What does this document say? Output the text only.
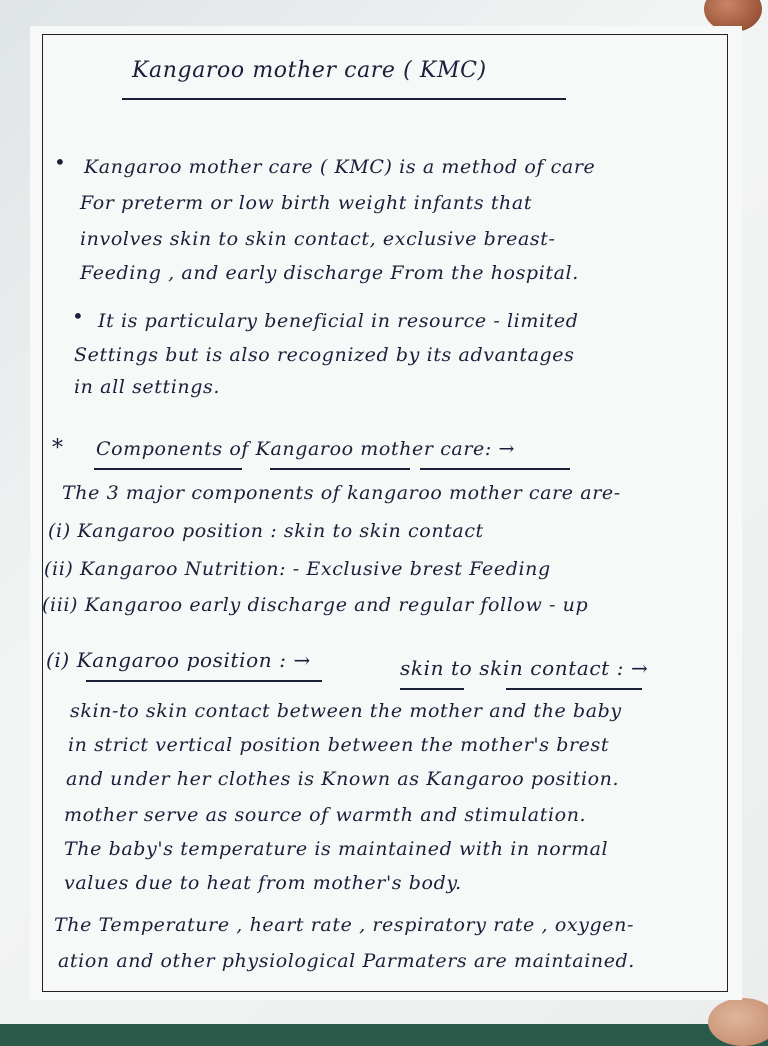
Kangaroo mother care ( KMC)
• Kangaroo mother care ( KMC) is a method of care
For preterm or low birth weight infants that
involves skin to skin contact, exclusive breast-
Feeding , and early discharge From the hospital.
• It is particulary beneficial in resource - limited
Settings but is also recognized by its advantages
in all settings.
* Components of Kangaroo mother care: →
The 3 major components of kangaroo mother care are-
(i) Kangaroo position : skin to skin contact
(ii) Kangaroo Nutrition: - Exclusive brest Feeding
(iii) Kangaroo early discharge and regular follow - up
(i) Kangaroo position : →	skin to skin contact : →
skin-to skin contact between the mother and the baby
in strict vertical position between the mother's brest
and under her clothes is Known as Kangaroo position.
mother serve as source of warmth and stimulation.
The baby's temperature is maintained with in normal
values due to heat from mother's body.
The Temperature , heart rate , respiratory rate , oxygen-
ation and other physiological Parmaters are maintained.
